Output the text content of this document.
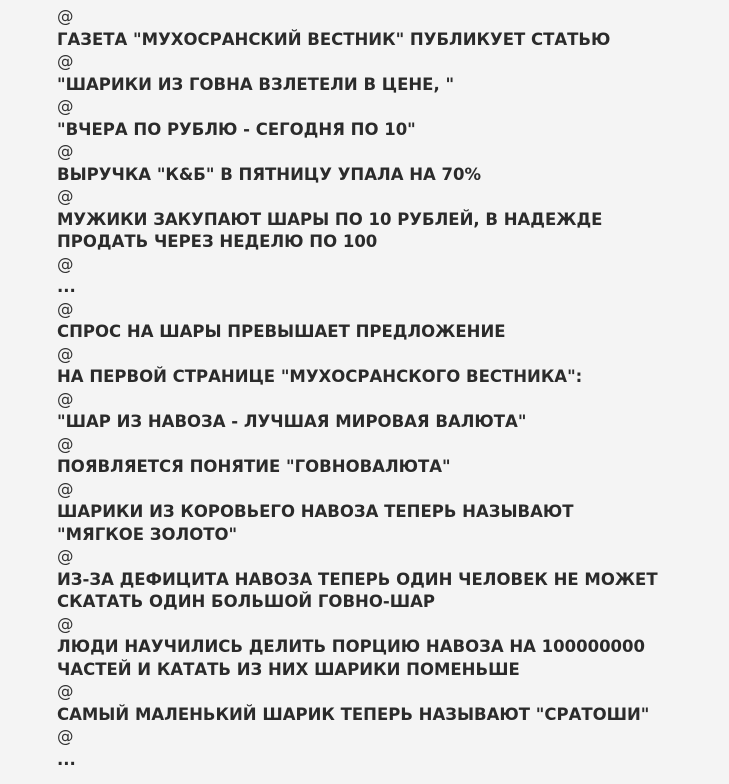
@
ГАЗЕТА "МУХОСРАНСКИЙ ВЕСТНИК" ПУБЛИКУЕТ СТАТЬЮ
@
"ШАРИКИ ИЗ ГОВНА ВЗЛЕТЕЛИ В ЦЕНЕ, "
@
"ВЧЕРА ПО РУБЛЮ - СЕГОДНЯ ПО 10"
@
ВЫРУЧКА "К&Б" В ПЯТНИЦУ УПАЛА НА 70%
@
МУЖИКИ ЗАКУПАЮТ ШАРЫ ПО 10 РУБЛЕЙ, В НАДЕЖДЕ
ПРОДАТЬ ЧЕРЕЗ НЕДЕЛЮ ПО 100
@
...
@
СПРОС НА ШАРЫ ПРЕВЫШАЕТ ПРЕДЛОЖЕНИЕ
@
НА ПЕРВОЙ СТРАНИЦЕ "МУХОСРАНСКОГО ВЕСТНИКА":
@
"ШАР ИЗ НАВОЗА - ЛУЧШАЯ МИРОВАЯ ВАЛЮТА"
@
ПОЯВЛЯЕТСЯ ПОНЯТИЕ "ГОВНОВАЛЮТА"
@
ШАРИКИ ИЗ КОРОВЬЕГО НАВОЗА ТЕПЕРЬ НАЗЫВАЮТ
"МЯГКОЕ ЗОЛОТО"
@
ИЗ-ЗА ДЕФИЦИТА НАВОЗА ТЕПЕРЬ ОДИН ЧЕЛОВЕК НЕ МОЖЕТ
СКАТАТЬ ОДИН БОЛЬШОЙ ГОВНО-ШАР
@
ЛЮДИ НАУЧИЛИСЬ ДЕЛИТЬ ПОРЦИЮ НАВОЗА НА 100000000
ЧАСТЕЙ И КАТАТЬ ИЗ НИХ ШАРИКИ ПОМЕНЬШЕ
@
САМЫЙ МАЛЕНЬКИЙ ШАРИК ТЕПЕРЬ НАЗЫВАЮТ "СРАТОШИ"
@
...
